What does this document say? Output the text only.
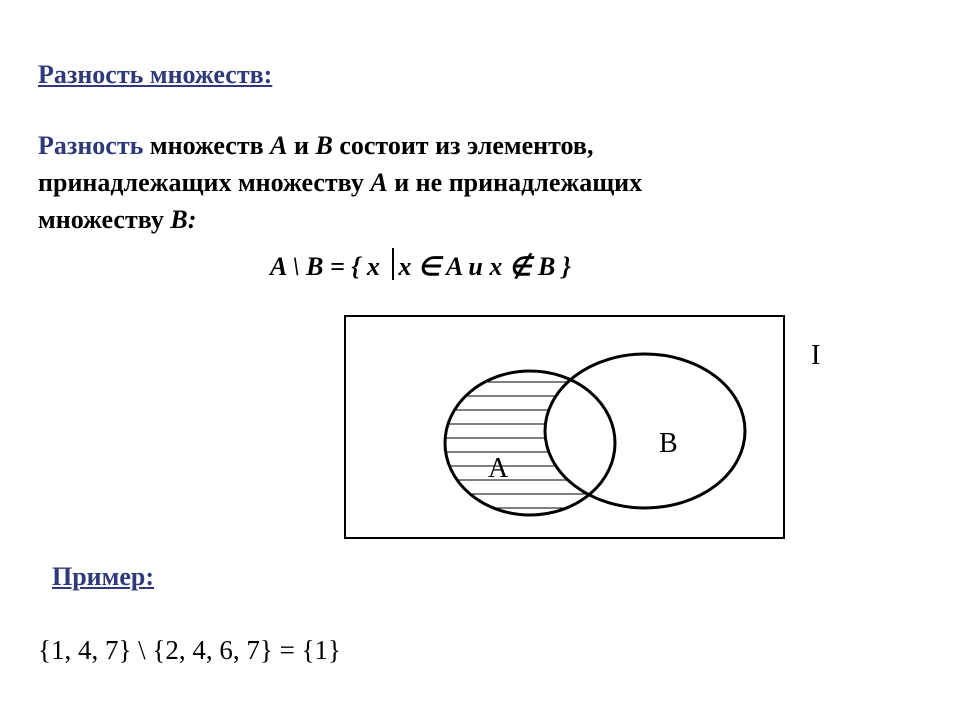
Разность множеств:
Разность множеств A и B состоит из элементов,
принадлежащих множеству A и не принадлежащих
множеству B:
A \ B = { x x ∈ A и x ∉ B }
I
A
B
Пример:
{1, 4, 7} \ {2, 4, 6, 7} = {1}
